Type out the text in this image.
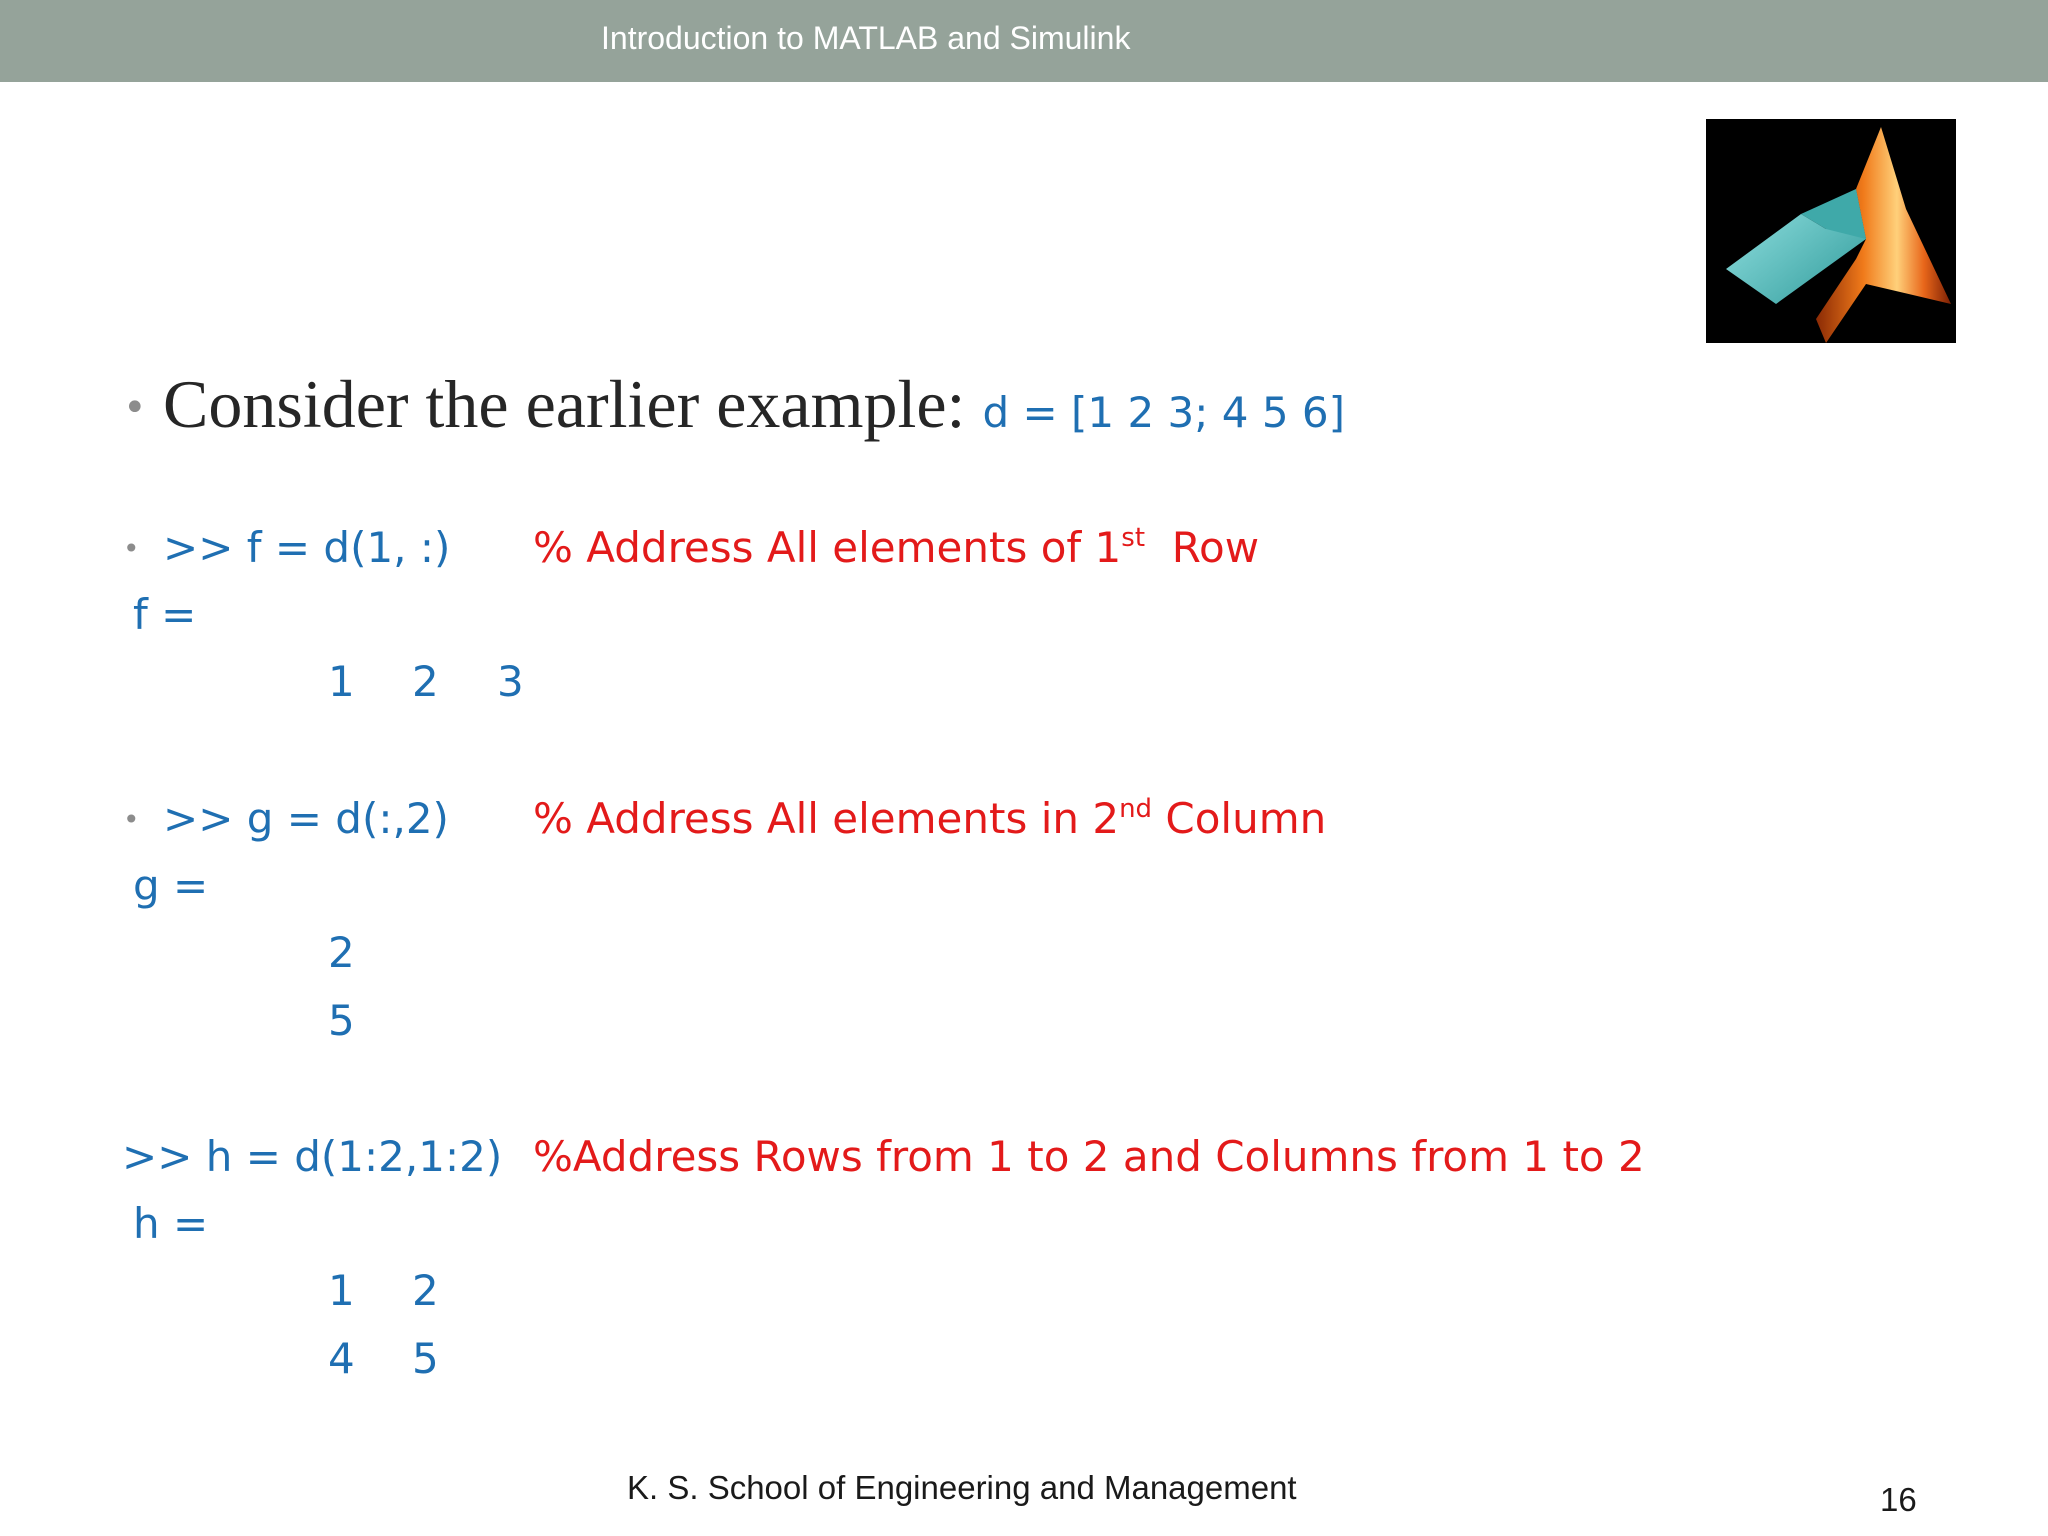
Introduction to MATLAB and Simulink
• Consider the earlier example: d = [1 2 3; 4 5 6]
• >> f = d(1, :) % Address All elements of 1st  Row
f =
1 2 3
• >> g = d(:,2) % Address All elements in 2nd Column
g =
2
5
>> h = d(1:2,1:2) %Address Rows from 1 to 2 and Columns from 1 to 2
h =
1 2
4 5
K. S. School of Engineering and Management	16
